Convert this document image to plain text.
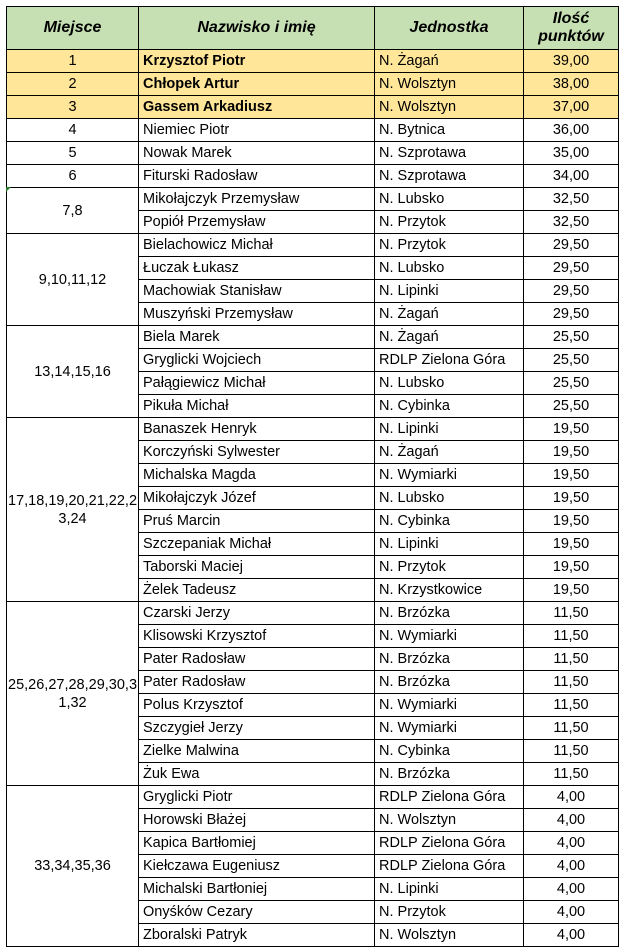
Miejsce	Nazwisko i imię	Jednostka	Ilość punktów
1	Krzysztof Piotr	N. Żagań	39,00
2	Chłopek Artur	N. Wolsztyn	38,00
3	Gassem Arkadiusz	N. Wolsztyn	37,00
4	Niemiec Piotr	N. Bytnica	36,00
5	Nowak Marek	N. Szprotawa	35,00
6	Fiturski Radosław	N. Szprotawa	34,00
7,8	Mikołajczyk Przemysław	N. Lubsko	32,50
	Popiół Przemysław	N. Przytok	32,50
9,10,11,12	Bielachowicz Michał	N. Przytok	29,50
	Łuczak Łukasz	N. Lubsko	29,50
	Machowiak Stanisław	N. Lipinki	29,50
	Muszyński Przemysław	N. Żagań	29,50
13,14,15,16	Biela Marek	N. Żagań	25,50
	Gryglicki Wojciech	RDLP Zielona Góra	25,50
	Pałągiewicz Michał	N. Lubsko	25,50
	Pikuła Michał	N. Cybinka	25,50
17,18,19,20,21,22,23,24	Banaszek Henryk	N. Lipinki	19,50
	Korczyński Sylwester	N. Żagań	19,50
	Michalska Magda	N. Wymiarki	19,50
	Mikołajczyk Józef	N. Lubsko	19,50
	Pruś Marcin	N. Cybinka	19,50
	Szczepaniak Michał	N. Lipinki	19,50
	Taborski Maciej	N. Przytok	19,50
	Żelek Tadeusz	N. Krzystkowice	19,50
25,26,27,28,29,30,31,32	Czarski Jerzy	N. Brzózka	11,50
	Klisowski Krzysztof	N. Wymiarki	11,50
	Pater Radosław	N. Brzózka	11,50
	Pater Radosław	N. Brzózka	11,50
	Polus Krzysztof	N. Wymiarki	11,50
	Szczygieł Jerzy	N. Wymiarki	11,50
	Zielke Malwina	N. Cybinka	11,50
	Żuk Ewa	N. Brzózka	11,50
33,34,35,36	Gryglicki Piotr	RDLP Zielona Góra	4,00
	Horowski Błażej	N. Wolsztyn	4,00
	Kapica Bartłomiej	RDLP Zielona Góra	4,00
	Kiełczawa Eugeniusz	RDLP Zielona Góra	4,00
	Michalski Bartłoniej	N. Lipinki	4,00
	Onyśków Cezary	N. Przytok	4,00
	Zboralski Patryk	N. Wolsztyn	4,00
